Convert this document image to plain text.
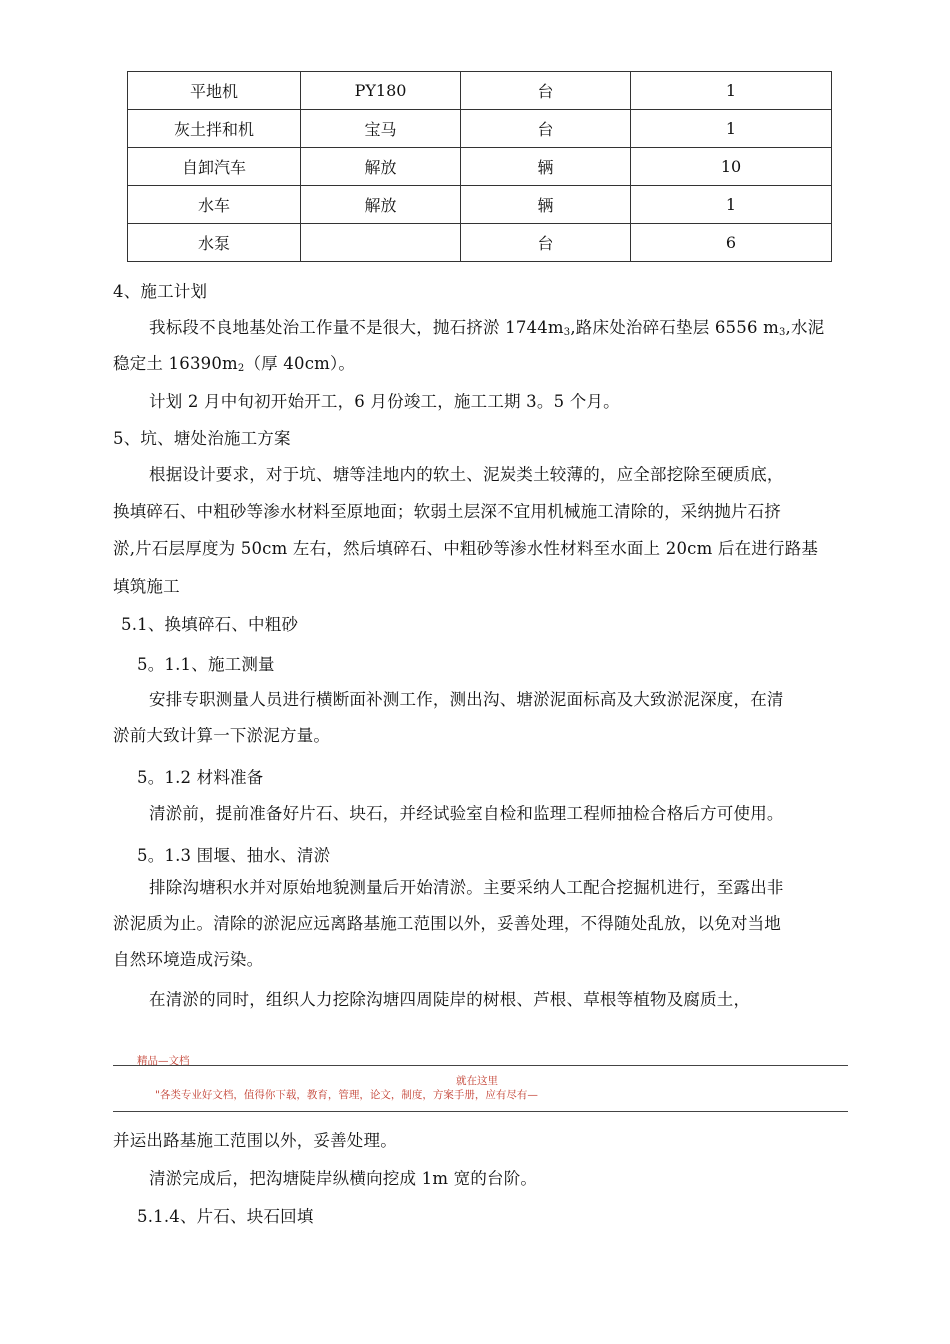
平地机	PY180	台	1
灰土拌和机	宝马	台	1
自卸汽车	解放	辆	10
水车	解放	辆	1
水泵		台	6

4、施工计划

我标段不良地基处治工作量不是很大，抛石挤淤 $1744m_3$,路床处治碎石垫层 6556 $m_3$,水泥

稳定土 $16390m_2$（厚 40cm）。

计划 2 月中旬初开始开工，6 月份竣工，施工工期 3。5 个月。

5、坑、塘处治施工方案

根据设计要求，对于坑、塘等洼地内的软土、泥炭类土较薄的，应全部挖除至硬质底，

换填碎石、中粗砂等渗水材料至原地面；软弱土层深不宜用机械施工清除的，采纳抛片石挤

淤,片石层厚度为 50cm 左右，然后填碎石、中粗砂等渗水性材料至水面上 20cm 后在进行路基

填筑施工

5.1、换填碎石、中粗砂

5。1.1、施工测量

安排专职测量人员进行横断面补测工作，测出沟、塘淤泥面标高及大致淤泥深度，在清

淤前大致计算一下淤泥方量。

5。1.2 材料准备

清淤前，提前准备好片石、块石，并经试验室自检和监理工程师抽检合格后方可使用。

5。1.3 围堰、抽水、清淤

排除沟塘积水并对原始地貌测量后开始清淤。主要采纳人工配合挖掘机进行，至露出非

淤泥质为止。清除的淤泥应远离路基施工范围以外，妥善处理，不得随处乱放，以免对当地

自然环境造成污染。

在清淤的同时，组织人力挖除沟塘四周陡岸的树根、芦根、草根等植物及腐质土，

精品—文档
就在这里
"各类专业好文档，值得你下载，教育，管理，论文，制度，方案手册，应有尽有—

并运出路基施工范围以外，妥善处理。

清淤完成后，把沟塘陡岸纵横向挖成 1m 宽的台阶。

5.1.4、片石、块石回填
